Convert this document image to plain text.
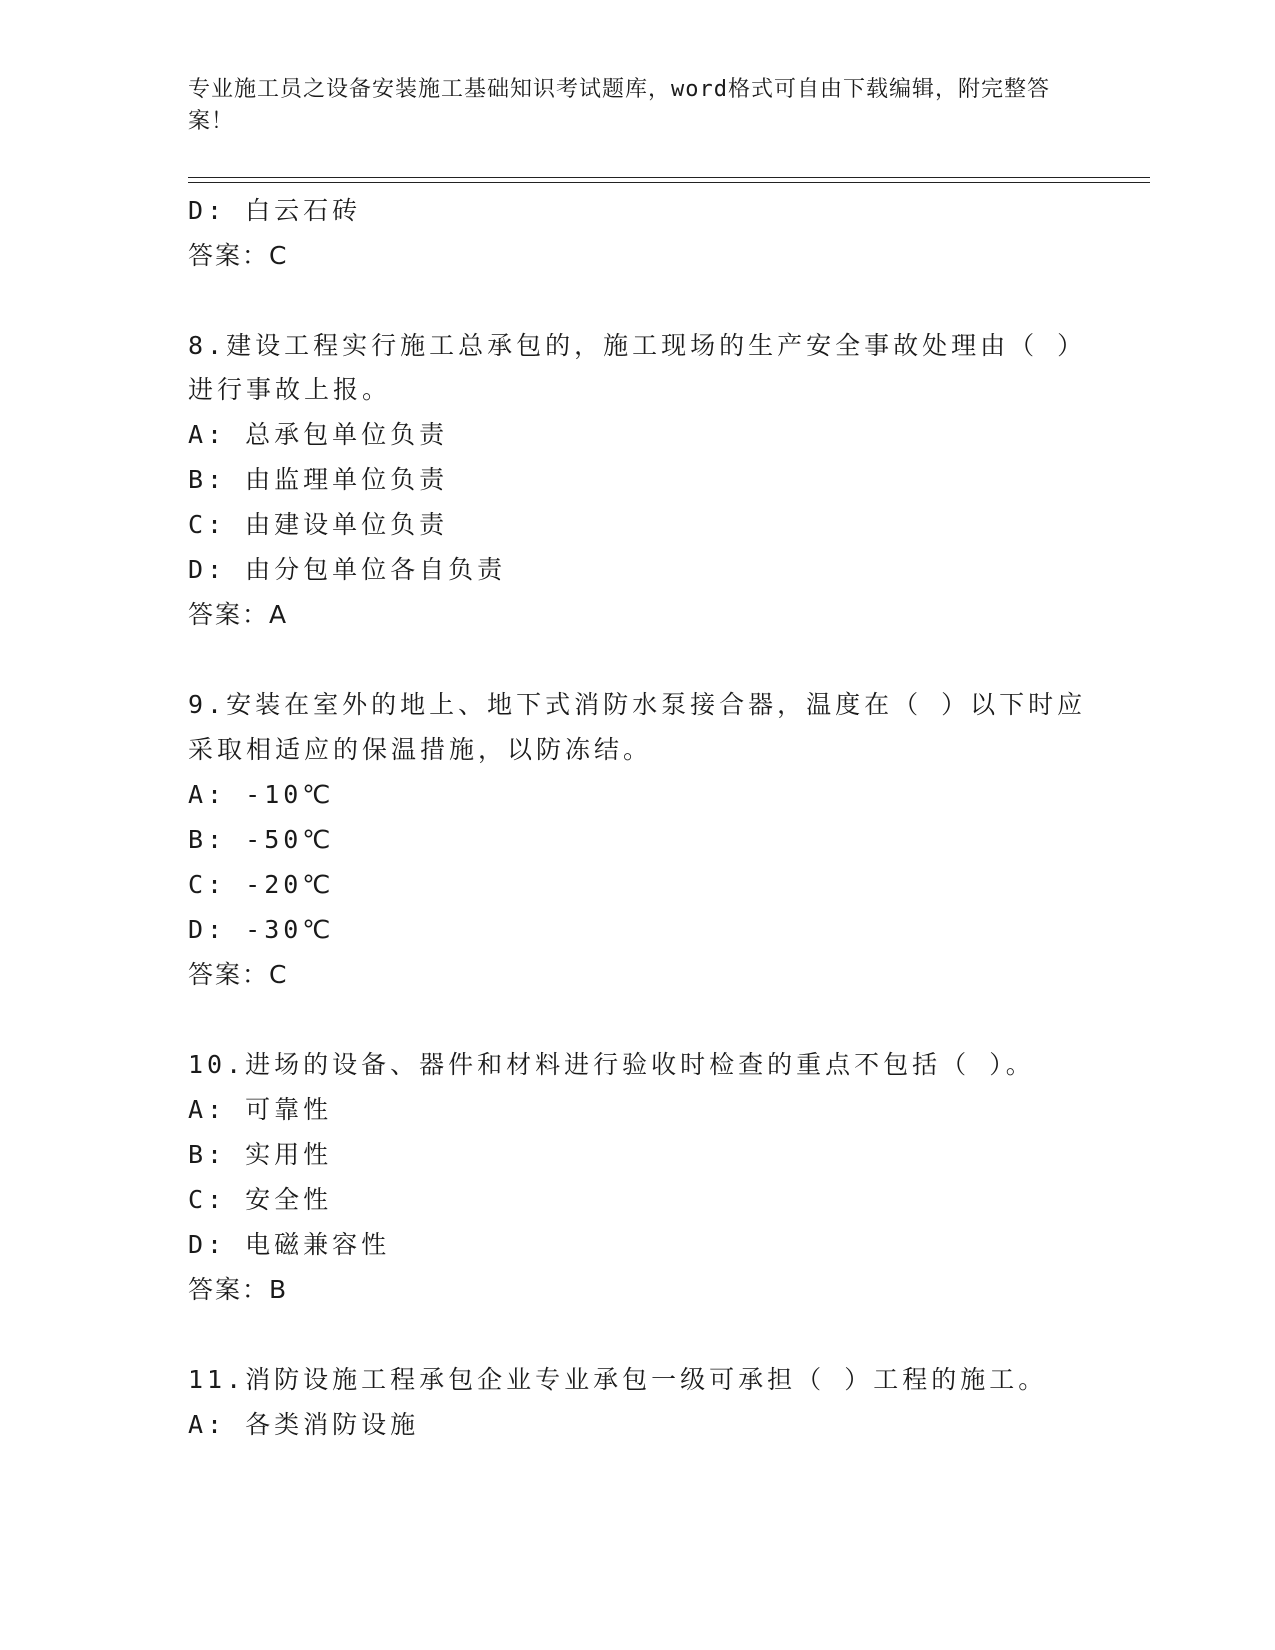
专业施工员之设备安装施工基础知识考试题库，word格式可自由下载编辑，附完整答案！
D: 白云石砖
答案：C
8.建设工程实行施工总承包的，施工现场的生产安全事故处理由（ ）
进行事故上报。
A: 总承包单位负责
B: 由监理单位负责
C: 由建设单位负责
D: 由分包单位各自负责
答案：A
9.安装在室外的地上、地下式消防水泵接合器，温度在（ ）以下时应
采取相适应的保温措施，以防冻结。
A: -10℃
B: -50℃
C: -20℃
D: -30℃
答案：C
10.进场的设备、器件和材料进行验收时检查的重点不包括（ ）。
A: 可靠性
B: 实用性
C: 安全性
D: 电磁兼容性
答案：B
11.消防设施工程承包企业专业承包一级可承担（ ）工程的施工。
A: 各类消防设施
